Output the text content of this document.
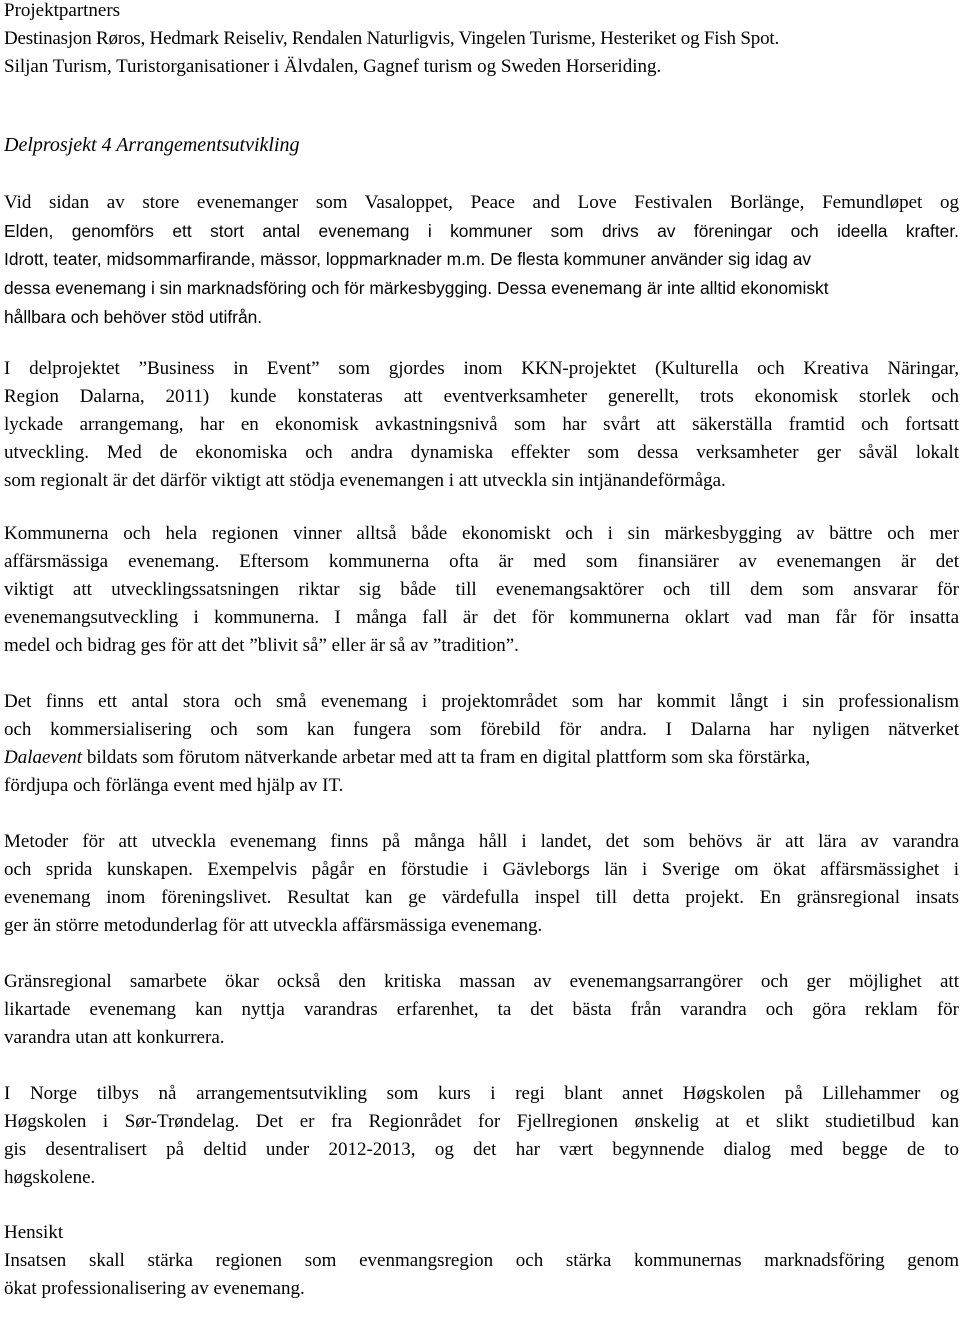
Projektpartners
Destinasjon Røros, Hedmark Reiseliv, Rendalen Naturligvis, Vingelen Turisme, Hesteriket og Fish Spot.
Siljan Turism, Turistorganisationer i Älvdalen, Gagnef turism og Sweden Horseriding.
Delprosjekt 4 Arrangementsutvikling
Vid sidan av store evenemanger som Vasaloppet, Peace and Love Festivalen Borlänge, Femundløpet og
Elden, genomförs ett stort antal evenemang i kommuner som drivs av föreningar och ideella krafter.
Idrott, teater, midsommarfirande, mässor, loppmarknader m.m. De flesta kommuner använder sig idag av
dessa evenemang i sin marknadsföring och för märkesbygging. Dessa evenemang är inte alltid ekonomiskt
hållbara och behöver stöd utifrån.
I delprojektet ”Business in Event” som gjordes inom KKN-projektet (Kulturella och Kreativa Näringar,
Region Dalarna, 2011) kunde konstateras att eventverksamheter generellt, trots ekonomisk storlek och
lyckade arrangemang, har en ekonomisk avkastningsnivå som har svårt att säkerställa framtid och fortsatt
utveckling. Med de ekonomiska och andra dynamiska effekter som dessa verksamheter ger såväl lokalt
som regionalt är det därför viktigt att stödja evenemangen i att utveckla sin intjänandeförmåga.
Kommunerna och hela regionen vinner alltså både ekonomiskt och i sin märkesbygging av bättre och mer
affärsmässiga evenemang. Eftersom kommunerna ofta är med som finansiärer av evenemangen är det
viktigt att utvecklingssatsningen riktar sig både till evenemangsaktörer och till dem som ansvarar för
evenemangsutveckling i kommunerna. I många fall är det för kommunerna oklart vad man får för insatta
medel och bidrag ges för att det ”blivit så” eller är så av ”tradition”.
Det finns ett antal stora och små evenemang i projektområdet som har kommit långt i sin professionalism
och kommersialisering och som kan fungera som förebild för andra. I Dalarna har nyligen nätverket
Dalaevent bildats som förutom nätverkande arbetar med att ta fram en digital plattform som ska förstärka,
fördjupa och förlänga event med hjälp av IT.
Metoder för att utveckla evenemang finns på många håll i landet, det som behövs är att lära av varandra
och sprida kunskapen. Exempelvis pågår en förstudie i Gävleborgs län i Sverige om ökat affärsmässighet i
evenemang inom föreningslivet. Resultat kan ge värdefulla inspel till detta projekt. En gränsregional insats
ger än större metodunderlag för att utveckla affärsmässiga evenemang.
Gränsregional samarbete ökar också den kritiska massan av evenemangsarrangörer och ger möjlighet att
likartade evenemang kan nyttja varandras erfarenhet, ta det bästa från varandra och göra reklam för
varandra utan att konkurrera.
I Norge tilbys nå arrangementsutvikling som kurs i regi blant annet Høgskolen på Lillehammer og
Høgskolen i Sør-Trøndelag. Det er fra Regionrådet for Fjellregionen ønskelig at et slikt studietilbud kan
gis desentralisert på deltid under 2012-2013, og det har vært begynnende dialog med begge de to
høgskolene.
Hensikt
Insatsen skall stärka regionen som evenmangsregion och stärka kommunernas marknadsföring genom
ökat professionalisering av evenemang.
